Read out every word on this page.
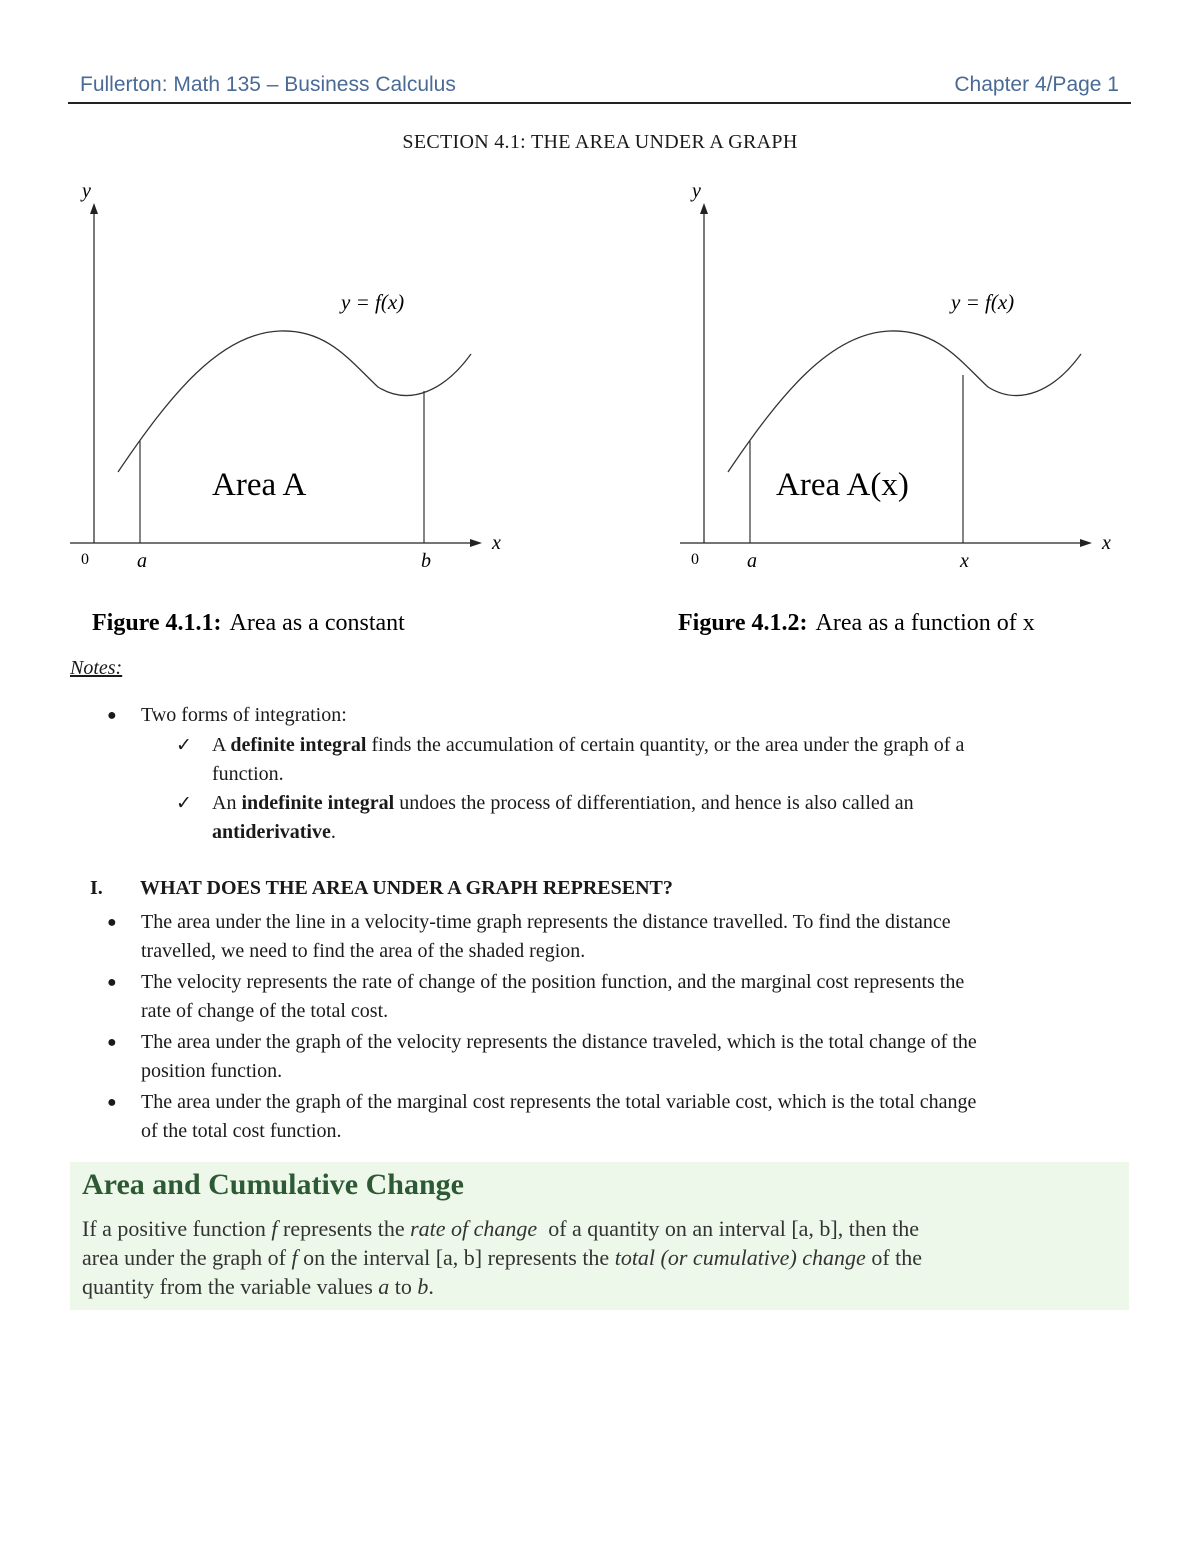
Fullerton: Math 135 – Business Calculus	Chapter 4/Page 1
SECTION 4.1: THE AREA UNDER A GRAPH
y
x
0
y = f(x)
Area A
a	b
Figure 4.1.1: Area as a constant
y
x
0
y = f(x)
Area A(x)
a	x
Figure 4.1.2: Area as a function of x
Notes:
● Two forms of integration:
✓ A definite integral finds the accumulation of certain quantity, or the area under the graph of a
function.
✓ An indefinite integral undoes the process of differentiation, and hence is also called an
antiderivative.
I. WHAT DOES THE AREA UNDER A GRAPH REPRESENT?
● The area under the line in a velocity-time graph represents the distance travelled. To find the distance
travelled, we need to find the area of the shaded region.
● The velocity represents the rate of change of the position function, and the marginal cost represents the
rate of change of the total cost.
● The area under the graph of the velocity represents the distance traveled, which is the total change of the
position function.
● The area under the graph of the marginal cost represents the total variable cost, which is the total change
of the total cost function.
Area and Cumulative Change
If a positive function f represents the rate of change  of a quantity on an interval [a, b], then the
area under the graph of f on the interval [a, b] represents the total (or cumulative) change of the
quantity from the variable values a to b.
